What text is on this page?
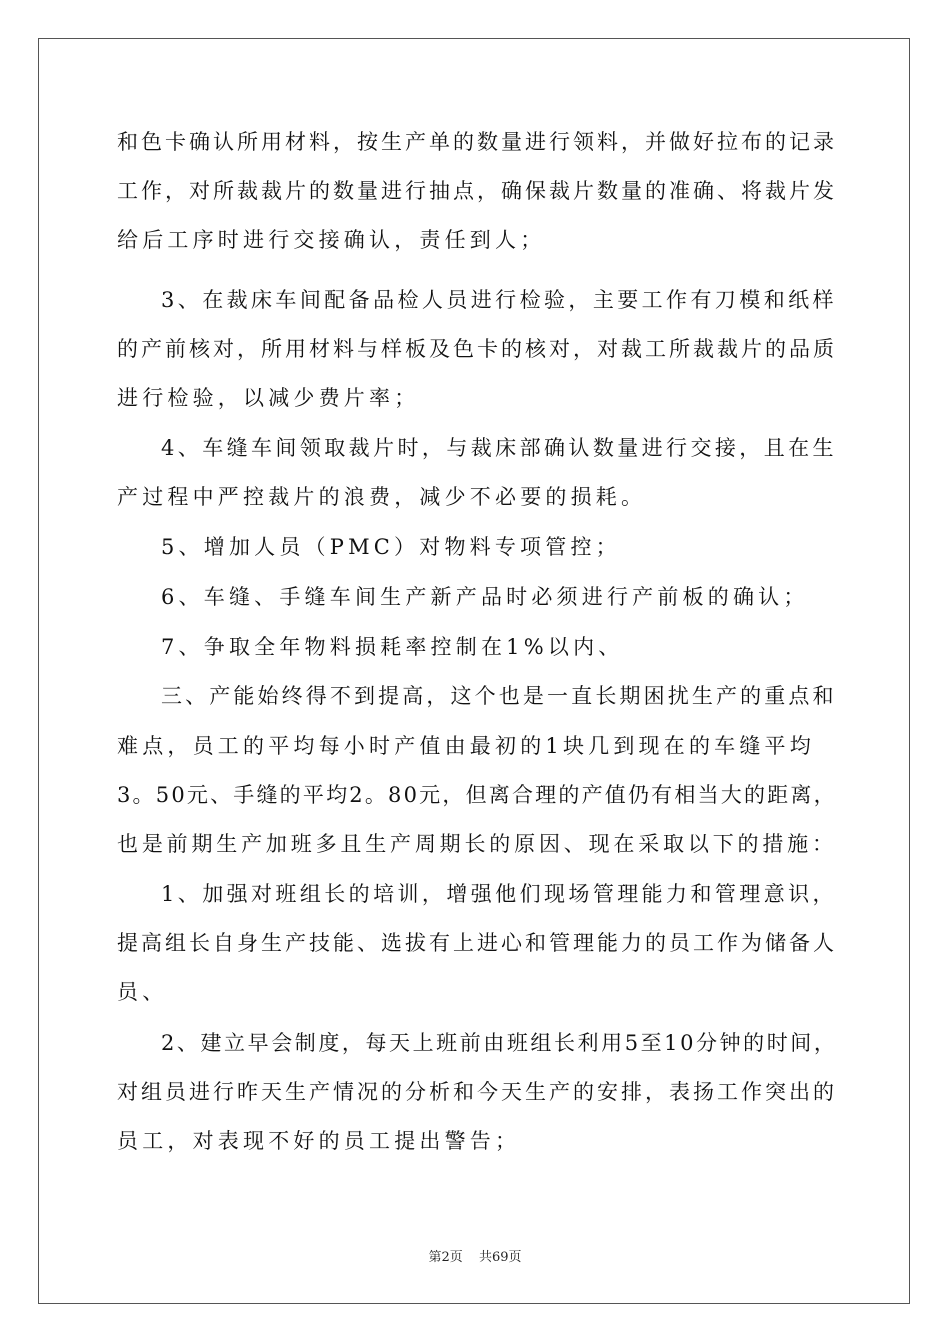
和色卡确认所用材料，按生产单的数量进行领料，并做好拉布的记录
工作，对所裁裁片的数量进行抽点，确保裁片数量的准确、将裁片发
给后工序时进行交接确认，责任到人；
3、在裁床车间配备品检人员进行检验，主要工作有刀模和纸样
的产前核对，所用材料与样板及色卡的核对，对裁工所裁裁片的品质
进行检验，以减少费片率；
4、车缝车间领取裁片时，与裁床部确认数量进行交接，且在生
产过程中严控裁片的浪费，减少不必要的损耗。
5、增加人员（PMC）对物料专项管控；
6、车缝、手缝车间生产新产品时必须进行产前板的确认；
7、争取全年物料损耗率控制在1%以内、
三、产能始终得不到提高，这个也是一直长期困扰生产的重点和
难点，员工的平均每小时产值由最初的1块几到现在的车缝平均
3。50元、手缝的平均2。80元，但离合理的产值仍有相当大的距离，
也是前期生产加班多且生产周期长的原因、现在采取以下的措施：
1、加强对班组长的培训，增强他们现场管理能力和管理意识，
提高组长自身生产技能、选拔有上进心和管理能力的员工作为储备人
员、
2、建立早会制度，每天上班前由班组长利用5至10分钟的时间，
对组员进行昨天生产情况的分析和今天生产的安排，表扬工作突出的
员工，对表现不好的员工提出警告；
第2页 共69页
